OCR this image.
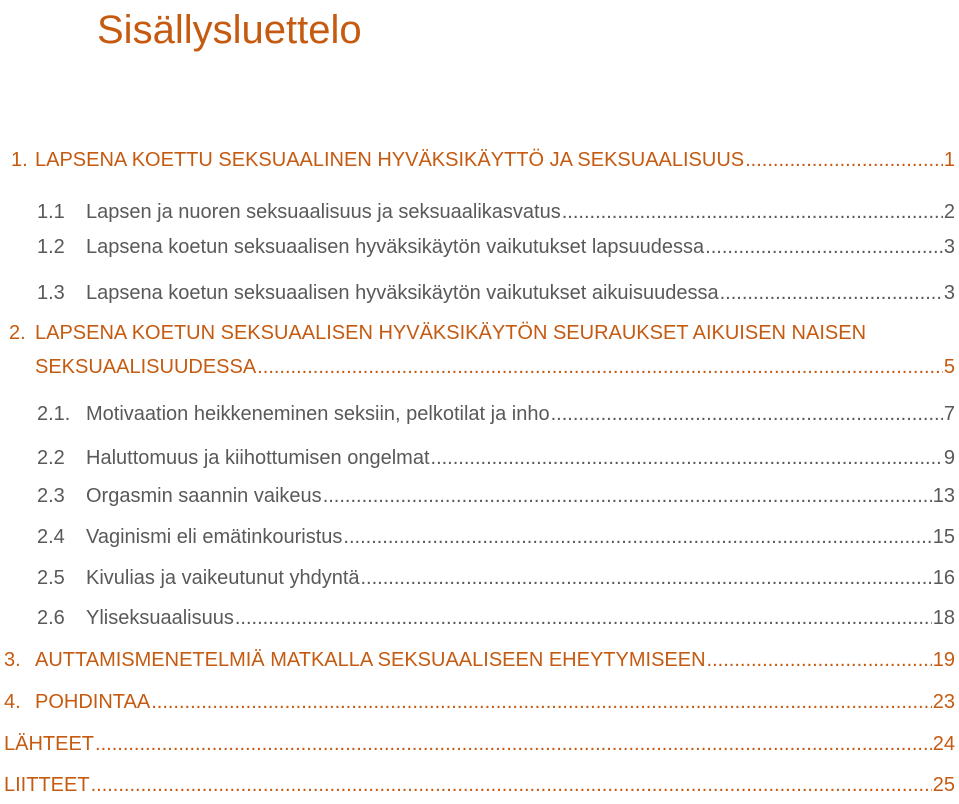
Sisällysluettelo
1. LAPSENA KOETTU SEKSUAALINEN HYVÄKSIKÄYTTÖ JA SEKSUAALISUUS .....	1
1.1	Lapsen ja nuoren seksuaalisuus ja seksuaalikasvatus .....	2
1.2	Lapsena koetun seksuaalisen hyväksikäytön vaikutukset lapsuudessa .....	3
1.3	Lapsena koetun seksuaalisen hyväksikäytön vaikutukset aikuisuudessa .....	3
2. LAPSENA KOETUN SEKSUAALISEN HYVÄKSIKÄYTÖN SEURAUKSET AIKUISEN NAISEN
SEKSUAALISUUDESSA .....	5
2.1. Motivaation heikkeneminen seksiin, pelkotilat ja inho .....	7
2.2	Haluttomuus ja kiihottumisen ongelmat .....	9
2.3	Orgasmin saannin vaikeus .....	13
2.4	Vaginismi eli emätinkouristus .....	15
2.5	Kivulias ja vaikeutunut yhdyntä .....	16
2.6	Yliseksuaalisuus .....	18
3. AUTTAMISMENETELMIÄ MATKALLA SEKSUAALISEEN EHEYTYMISEEN .....	19
4. POHDINTAA .....	23
LÄHTEET .....	24
LIITTEET .....	25
